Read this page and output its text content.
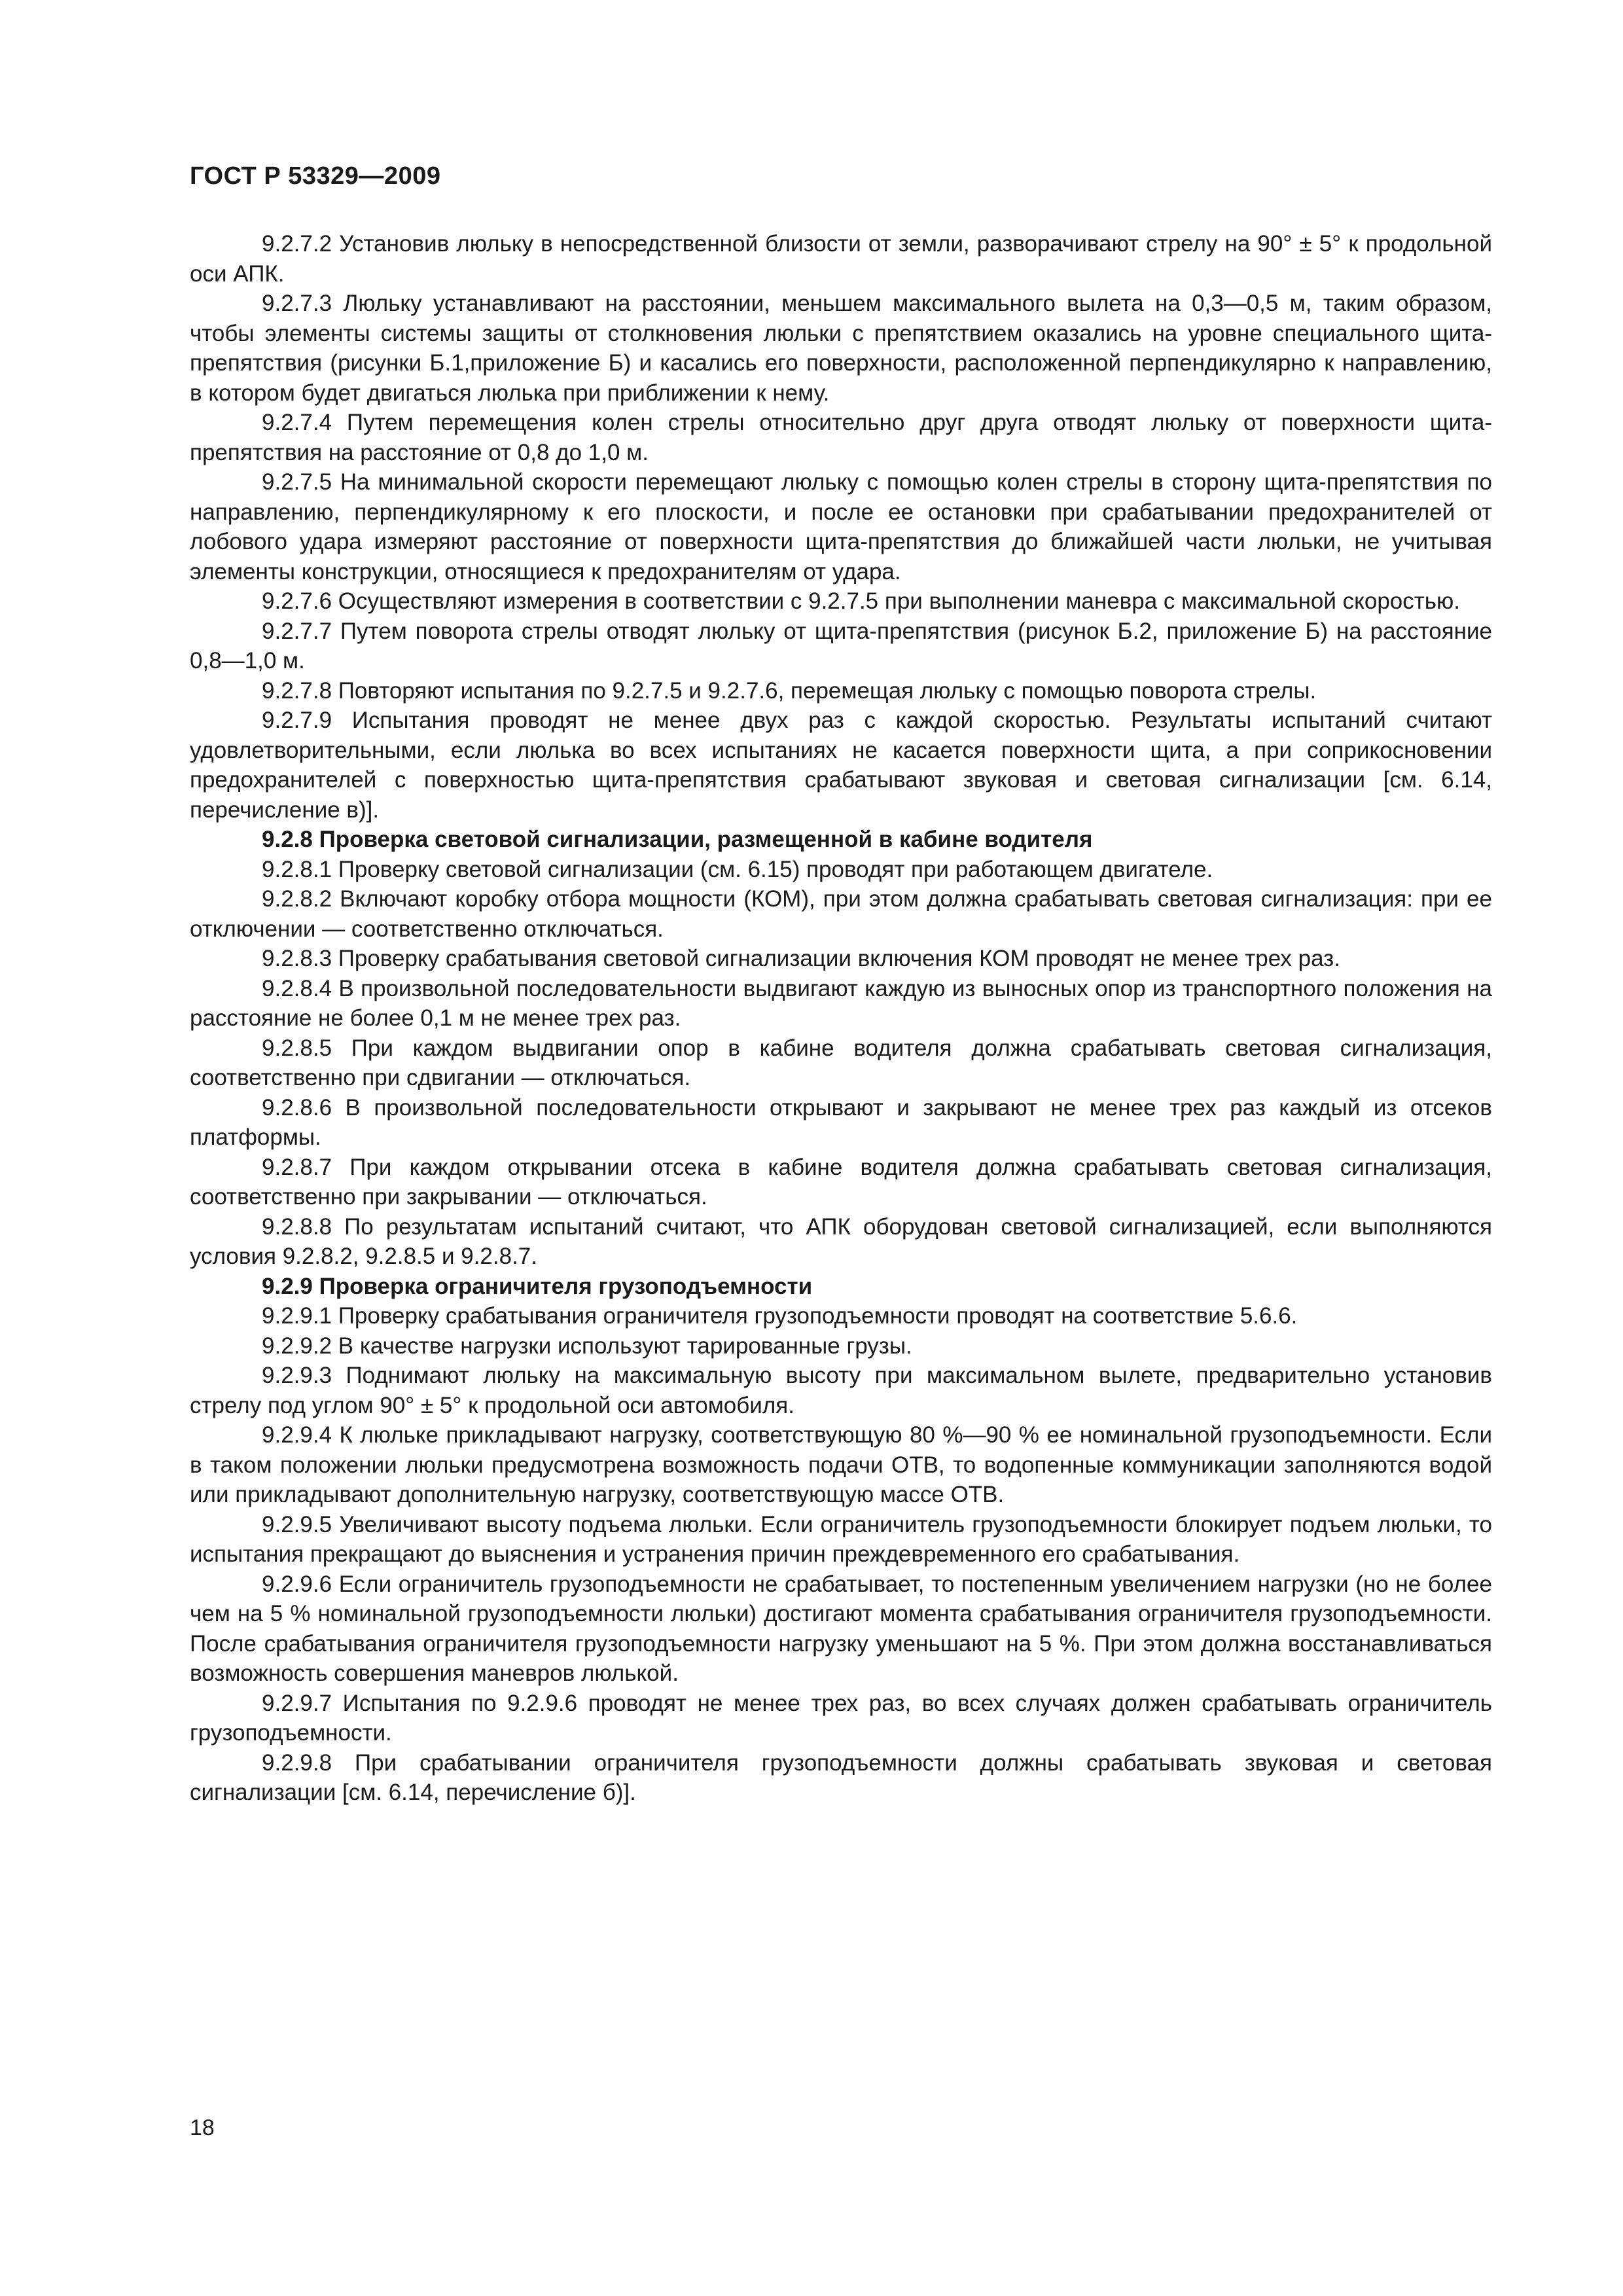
ГОСТ Р 53329—2009

9.2.7.2 Установив люльку в непосредственной близости от земли, разворачивают стрелу на 90° ± 5° к продольной оси АПК.

9.2.7.3 Люльку устанавливают на расстоянии, меньшем максимального вылета на 0,3—0,5 м, таким образом, чтобы элементы системы защиты от столкновения люльки с препятствием оказались на уровне специального щита-препятствия (рисунки Б.1,приложение Б) и касались его поверхности, расположенной перпендикулярно к направлению, в котором будет двигаться люлька при приближении к нему.

9.2.7.4 Путем перемещения колен стрелы относительно друг друга отводят люльку от поверхности щита-препятствия на расстояние от 0,8 до 1,0 м.

9.2.7.5 На минимальной скорости перемещают люльку с помощью колен стрелы в сторону щита-препятствия по направлению, перпендикулярному к его плоскости, и после ее остановки при срабатывании предохранителей от лобового удара измеряют расстояние от поверхности щита-препятствия до ближайшей части люльки, не учитывая элементы конструкции, относящиеся к предохранителям от удара.

9.2.7.6 Осуществляют измерения в соответствии с 9.2.7.5 при выполнении маневра с максимальной скоростью.

9.2.7.7 Путем поворота стрелы отводят люльку от щита-препятствия (рисунок Б.2, приложение Б) на расстояние 0,8—1,0 м.

9.2.7.8 Повторяют испытания по 9.2.7.5 и 9.2.7.6, перемещая люльку с помощью поворота стрелы.

9.2.7.9 Испытания проводят не менее двух раз с каждой скоростью. Результаты испытаний считают удовлетворительными, если люлька во всех испытаниях не касается поверхности щита, а при соприкосновении предохранителей с поверхностью щита-препятствия срабатывают звуковая и световая сигнализации [см. 6.14, перечисление в)].

9.2.8 Проверка световой сигнализации, размещенной в кабине водителя

9.2.8.1 Проверку световой сигнализации (см. 6.15) проводят при работающем двигателе.

9.2.8.2 Включают коробку отбора мощности (КОМ), при этом должна срабатывать световая сигнализация: при ее отключении — соответственно отключаться.

9.2.8.3 Проверку срабатывания световой сигнализации включения КОМ проводят не менее трех раз.

9.2.8.4 В произвольной последовательности выдвигают каждую из выносных опор из транспортного положения на расстояние не более 0,1 м не менее трех раз.

9.2.8.5 При каждом выдвигании опор в кабине водителя должна срабатывать световая сигнализация, соответственно при сдвигании — отключаться.

9.2.8.6 В произвольной последовательности открывают и закрывают не менее трех раз каждый из отсеков платформы.

9.2.8.7 При каждом открывании отсека в кабине водителя должна срабатывать световая сигнализация, соответственно при закрывании — отключаться.

9.2.8.8 По результатам испытаний считают, что АПК оборудован световой сигнализацией, если выполняются условия 9.2.8.2, 9.2.8.5 и 9.2.8.7.

9.2.9 Проверка ограничителя грузоподъемности

9.2.9.1 Проверку срабатывания ограничителя грузоподъемности проводят на соответствие 5.6.6.

9.2.9.2 В качестве нагрузки используют тарированные грузы.

9.2.9.3 Поднимают люльку на максимальную высоту при максимальном вылете, предварительно установив стрелу под углом 90° ± 5° к продольной оси автомобиля.

9.2.9.4 К люльке прикладывают нагрузку, соответствующую 80 %—90 % ее номинальной грузоподъемности. Если в таком положении люльки предусмотрена возможность подачи ОТВ, то водопенные коммуникации заполняются водой или прикладывают дополнительную нагрузку, соответствующую массе ОТВ.

9.2.9.5 Увеличивают высоту подъема люльки. Если ограничитель грузоподъемности блокирует подъем люльки, то испытания прекращают до выяснения и устранения причин преждевременного его срабатывания.

9.2.9.6 Если ограничитель грузоподъемности не срабатывает, то постепенным увеличением нагрузки (но не более чем на 5 % номинальной грузоподъемности люльки) достигают момента срабатывания ограничителя грузоподъемности. После срабатывания ограничителя грузоподъемности нагрузку уменьшают на 5 %. При этом должна восстанавливаться возможность совершения маневров люлькой.

9.2.9.7 Испытания по 9.2.9.6 проводят не менее трех раз, во всех случаях должен срабатывать ограничитель грузоподъемности.

9.2.9.8 При срабатывании ограничителя грузоподъемности должны срабатывать звуковая и световая сигнализации [см. 6.14, перечисление б)].

18
